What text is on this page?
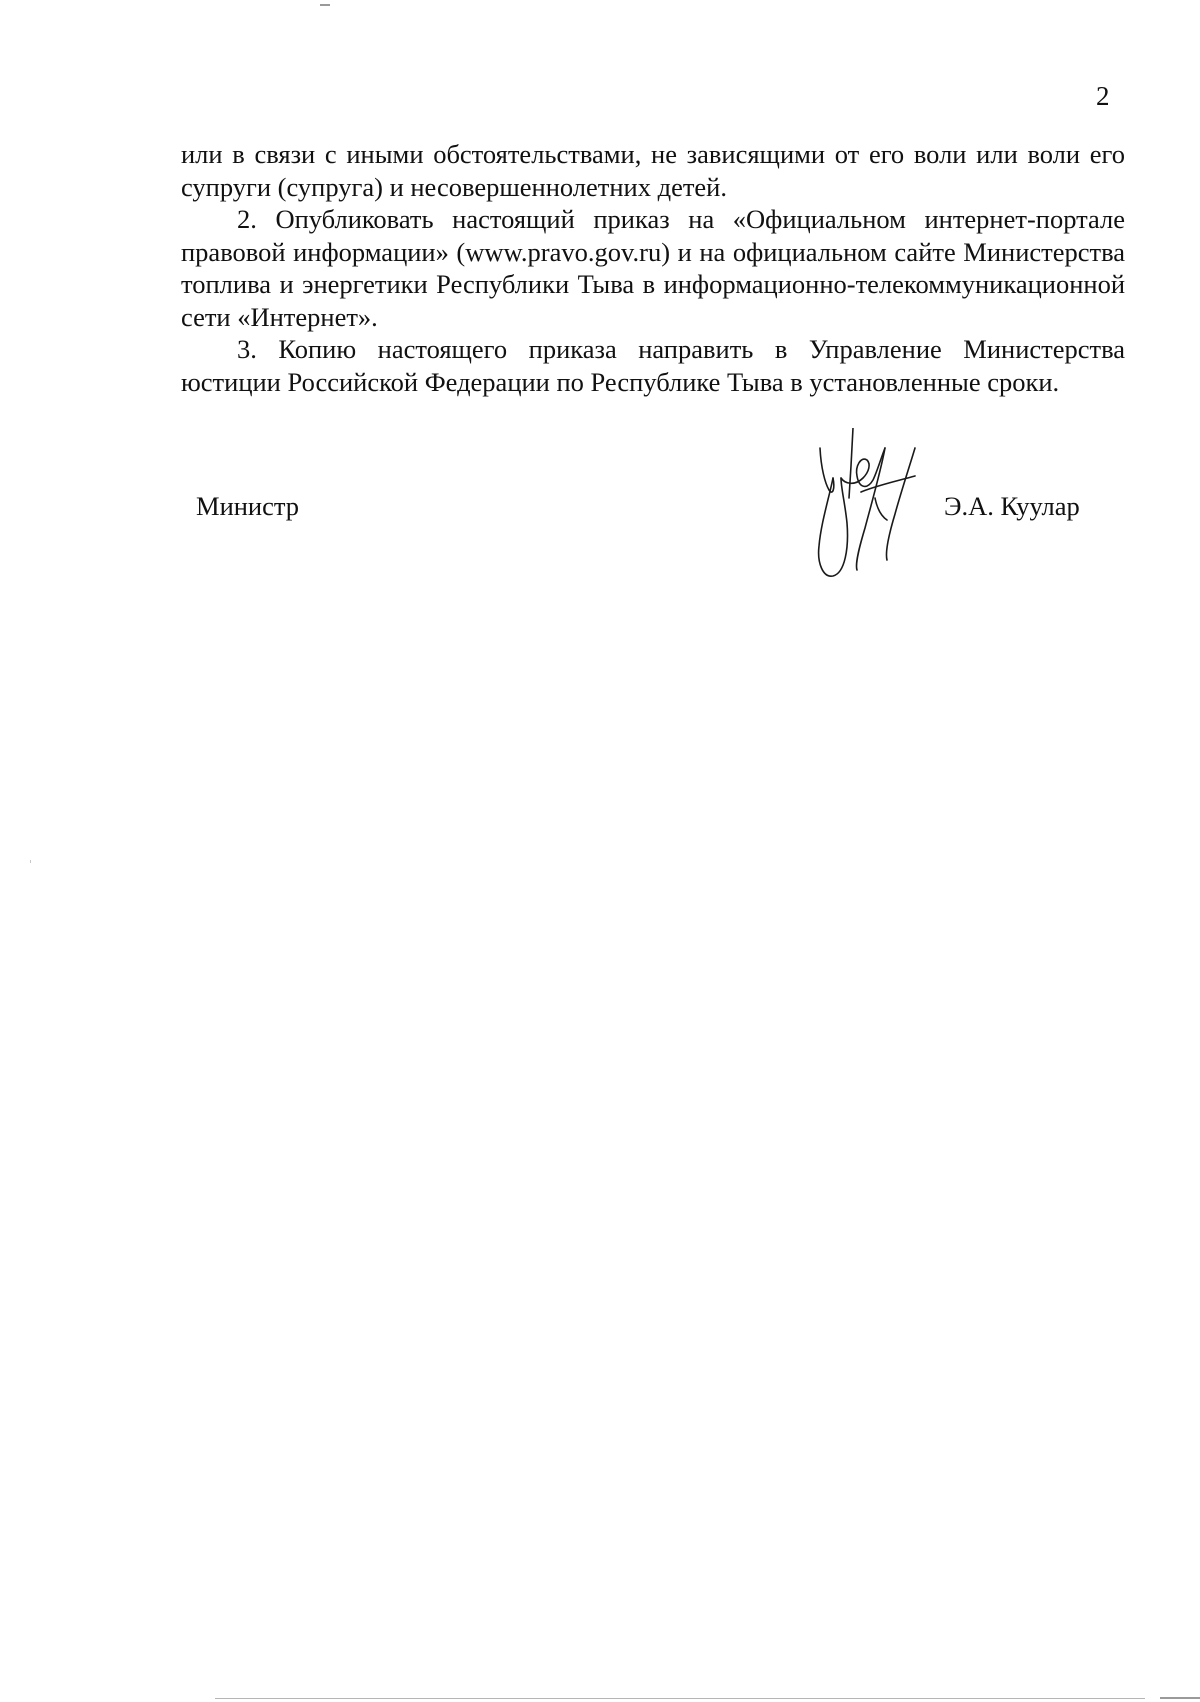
2

или в связи с иными обстоятельствами, не зависящими от его воли или воли его супруги (супруга) и несовершеннолетних детей.

2. Опубликовать настоящий приказ на «Официальном интернет-портале правовой информации» (www.pravo.gov.ru) и на официальном сайте Министерства топлива и энергетики Республики Тыва в информационно-телекоммуникационной сети «Интернет».

3. Копию настоящего приказа направить в Управление Министерства юстиции Российской Федерации по Республике Тыва в установленные сроки.

Министр	Э.А. Куулар
